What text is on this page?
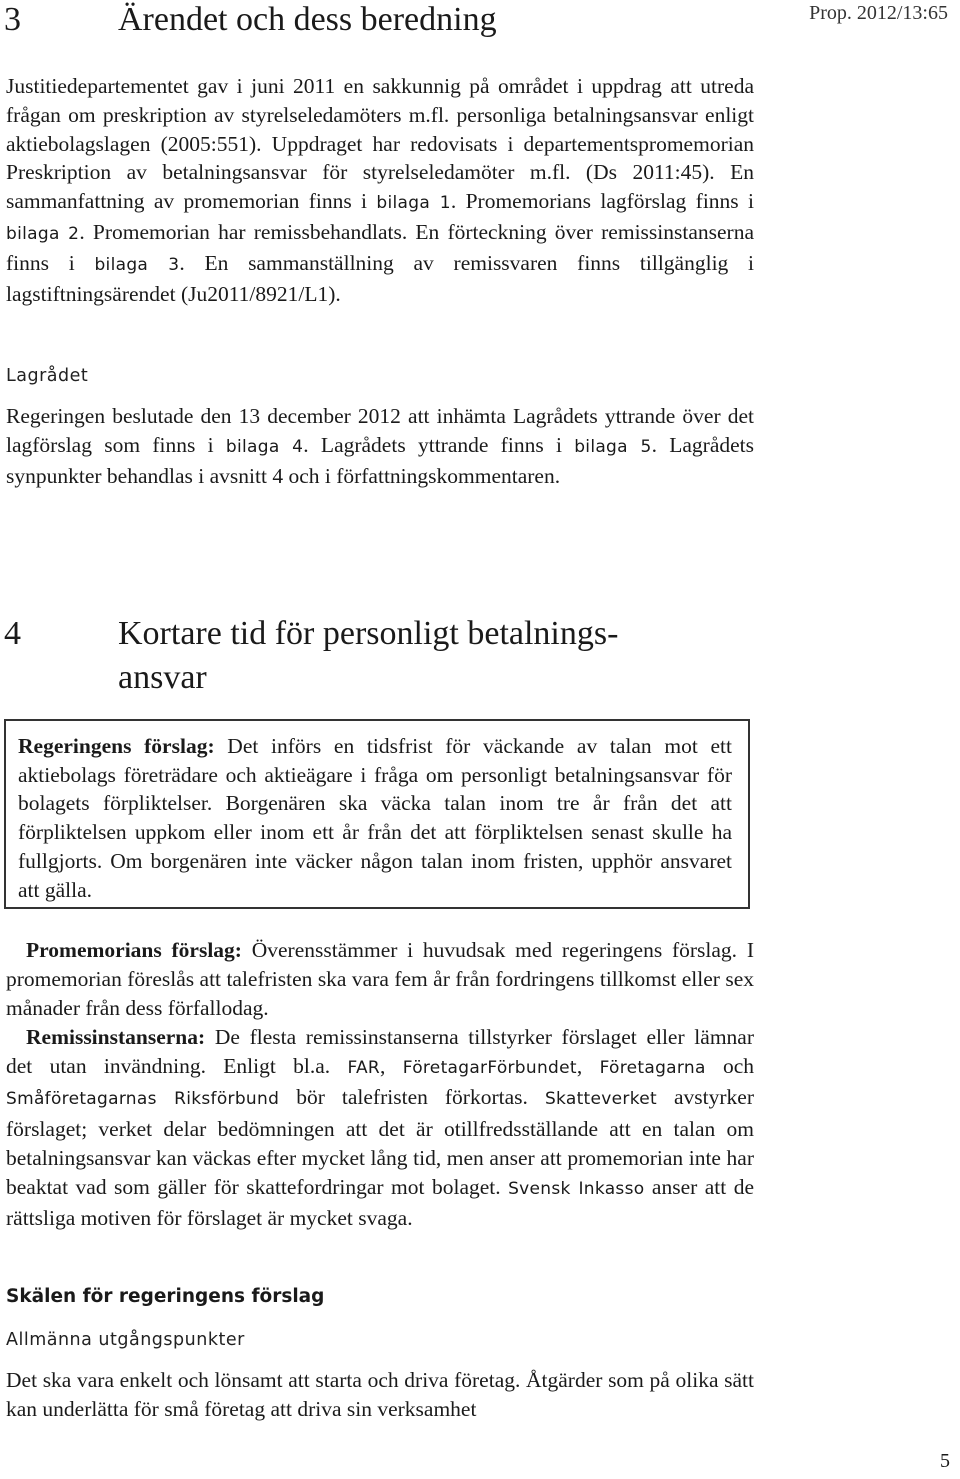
3	Ärendet och dess beredning	Prop. 2012/13:65
Justitiedepartementet gav i juni 2011 en sakkunnig på området i uppdrag att utreda frågan om preskription av styrelseledamöters m.fl. personliga betalningsansvar enligt aktiebolagslagen (2005:551). Uppdraget har redovisats i departementspromemorian Preskription av betalningsansvar för styrelseledamöter m.fl. (Ds 2011:45). En sammanfattning av promemorian finns i bilaga 1. Promemorians lagförslag finns i bilaga 2. Promemorian har remissbehandlats. En förteckning över remissinstanserna finns i bilaga 3. En sammanställning av remissvaren finns tillgänglig i lagstiftningsärendet (Ju2011/8921/L1).
Lagrådet
Regeringen beslutade den 13 december 2012 att inhämta Lagrådets yttrande över det lagförslag som finns i bilaga 4. Lagrådets yttrande finns i bilaga 5. Lagrådets synpunkter behandlas i avsnitt 4 och i författningskommentaren.
4	Kortare tid för personligt betalnings-
ansvar
Regeringens förslag: Det införs en tidsfrist för väckande av talan mot ett aktiebolags företrädare och aktieägare i fråga om personligt betalningsansvar för bolagets förpliktelser. Borgenären ska väcka talan inom tre år från det att förpliktelsen uppkom eller inom ett år från det att förpliktelsen senast skulle ha fullgjorts. Om borgenären inte väcker någon talan inom fristen, upphör ansvaret att gälla.
Promemorians förslag: Överensstämmer i huvudsak med regeringens förslag. I promemorian föreslås att talefristen ska vara fem år från fordringens tillkomst eller sex månader från dess förfallodag.
Remissinstanserna: De flesta remissinstanserna tillstyrker förslaget eller lämnar det utan invändning. Enligt bl.a. FAR, FöretagarFörbundet, Företagarna och Småföretagarnas Riksförbund bör talefristen förkortas. Skatteverket avstyrker förslaget; verket delar bedömningen att det är otillfredsställande att en talan om betalningsansvar kan väckas efter mycket lång tid, men anser att promemorian inte har beaktat vad som gäller för skattefordringar mot bolaget. Svensk Inkasso anser att de rättsliga motiven för förslaget är mycket svaga.
Skälen för regeringens förslag
Allmänna utgångspunkter
Det ska vara enkelt och lönsamt att starta och driva företag. Åtgärder som på olika sätt kan underlätta för små företag att driva sin verksamhet
5
